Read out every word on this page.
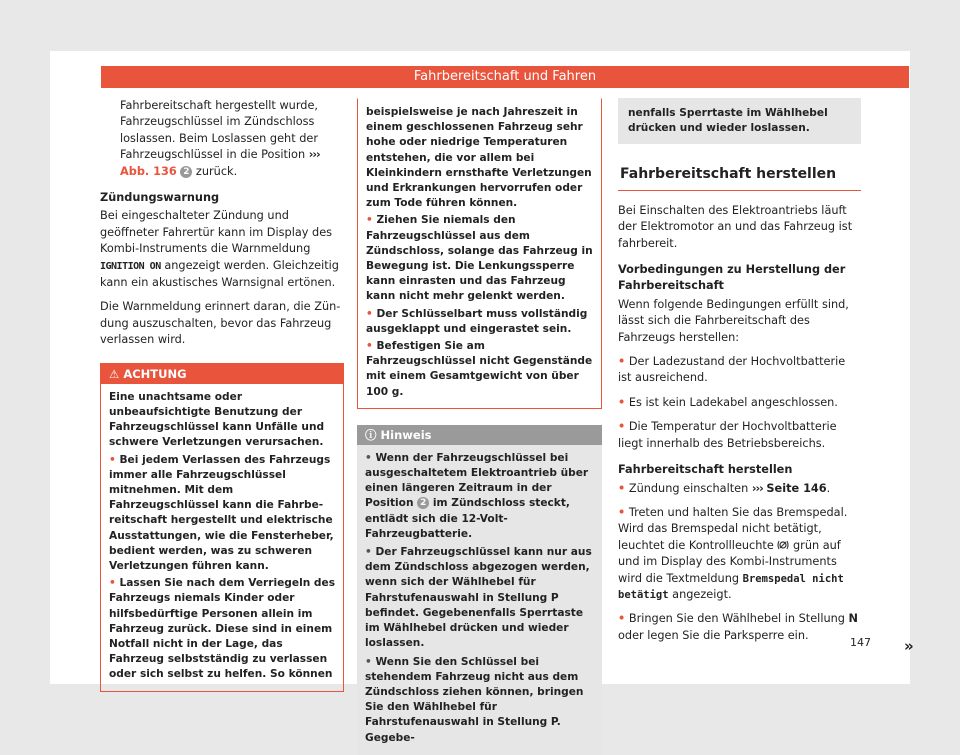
Fahrbereitschaft und Fahren

Fahrbereitschaft hergestellt wurde, Fahrzeugschlüssel im Zündschloss loslassen. Beim Loslassen geht der Fahrzeugschlüssel in die Position ››› Abb. 136 2 zurück.

Zündungswarnung

Bei eingeschalteter Zündung und geöffneter Fahrertür kann im Display des Kombi-Instruments die Warnmeldung IGNITION ON angezeigt werden. Gleichzeitig kann ein akustisches Warnsignal ertönen.

Die Warnmeldung erinnert daran, die Zündung auszuschalten, bevor das Fahrzeug verlassen wird.

⚠ ACHTUNG

Eine unachtsame oder unbeaufsichtigte Benutzung der Fahrzeugschlüssel kann Unfälle und schwere Verletzungen verursachen.

• Bei jedem Verlassen des Fahrzeugs immer alle Fahrzeugschlüssel mitnehmen. Mit dem Fahrzeugschlüssel kann die Fahrbereitschaft hergestellt und elektrische Ausstattungen, wie die Fensterheber, bedient werden, was zu schweren Verletzungen führen kann.

• Lassen Sie nach dem Verriegeln des Fahrzeugs niemals Kinder oder hilfsbedürftige Personen allein im Fahrzeug zurück. Diese sind in einem Notfall nicht in der Lage, das Fahrzeug selbstständig zu verlassen oder sich selbst zu helfen. So können

beispielsweise je nach Jahreszeit in einem geschlossenen Fahrzeug sehr hohe oder niedrige Temperaturen entstehen, die vor allem bei Kleinkindern ernsthafte Verletzungen und Erkrankungen hervorrufen oder zum Tode führen können.

• Ziehen Sie niemals den Fahrzeugschlüssel aus dem Zündschloss, solange das Fahrzeug in Bewegung ist. Die Lenkungssperre kann einrasten und das Fahrzeug kann nicht mehr gelenkt werden.

• Der Schlüsselbart muss vollständig ausgeklappt und eingerastet sein.

• Befestigen Sie am Fahrzeugschlüssel nicht Gegenstände mit einem Gesamtgewicht von über 100 g.

ⓘ Hinweis

• Wenn der Fahrzeugschlüssel bei ausgeschaltetem Elektroantrieb über einen längeren Zeitraum in der Position 2 im Zündschloss steckt, entlädt sich die 12-Volt-Fahrzeugbatterie.

• Der Fahrzeugschlüssel kann nur aus dem Zündschloss abgezogen werden, wenn sich der Wählhebel für Fahrstufenauswahl in Stellung P befindet. Gegebenenfalls Sperrtaste im Wählhebel drücken und wieder loslassen.

• Wenn Sie den Schlüssel bei stehendem Fahrzeug nicht aus dem Zündschloss ziehen können, bringen Sie den Wählhebel für Fahrstufenauswahl in Stellung P. Gegebe-

nenfalls Sperrtaste im Wählhebel drücken und wieder loslassen.
Fahrbereitschaft herstellen

Bei Einschalten des Elektroantriebs läuft der Elektromotor an und das Fahrzeug ist fahrbereit.

Vorbedingungen zu Herstellung der Fahrbereitschaft

Wenn folgende Bedingungen erfüllt sind, lässt sich die Fahrbereitschaft des Fahrzeugs herstellen:

• Der Ladezustand der Hochvoltbatterie ist ausreichend.

• Es ist kein Ladekabel angeschlossen.

• Die Temperatur der Hochvoltbatterie liegt innerhalb des Betriebsbereichs.

Fahrbereitschaft herstellen

• Zündung einschalten ››› Seite 146.

• Treten und halten Sie das Bremspedal. Wird das Bremspedal nicht betätigt, leuchtet die Kontrollleuchte grün auf und im Display des Kombi-Instruments wird die Textmeldung Bremspedal nicht betätigt angezeigt.

• Bringen Sie den Wählhebel in Stellung N oder legen Sie die Parksperre ein.

»
147
